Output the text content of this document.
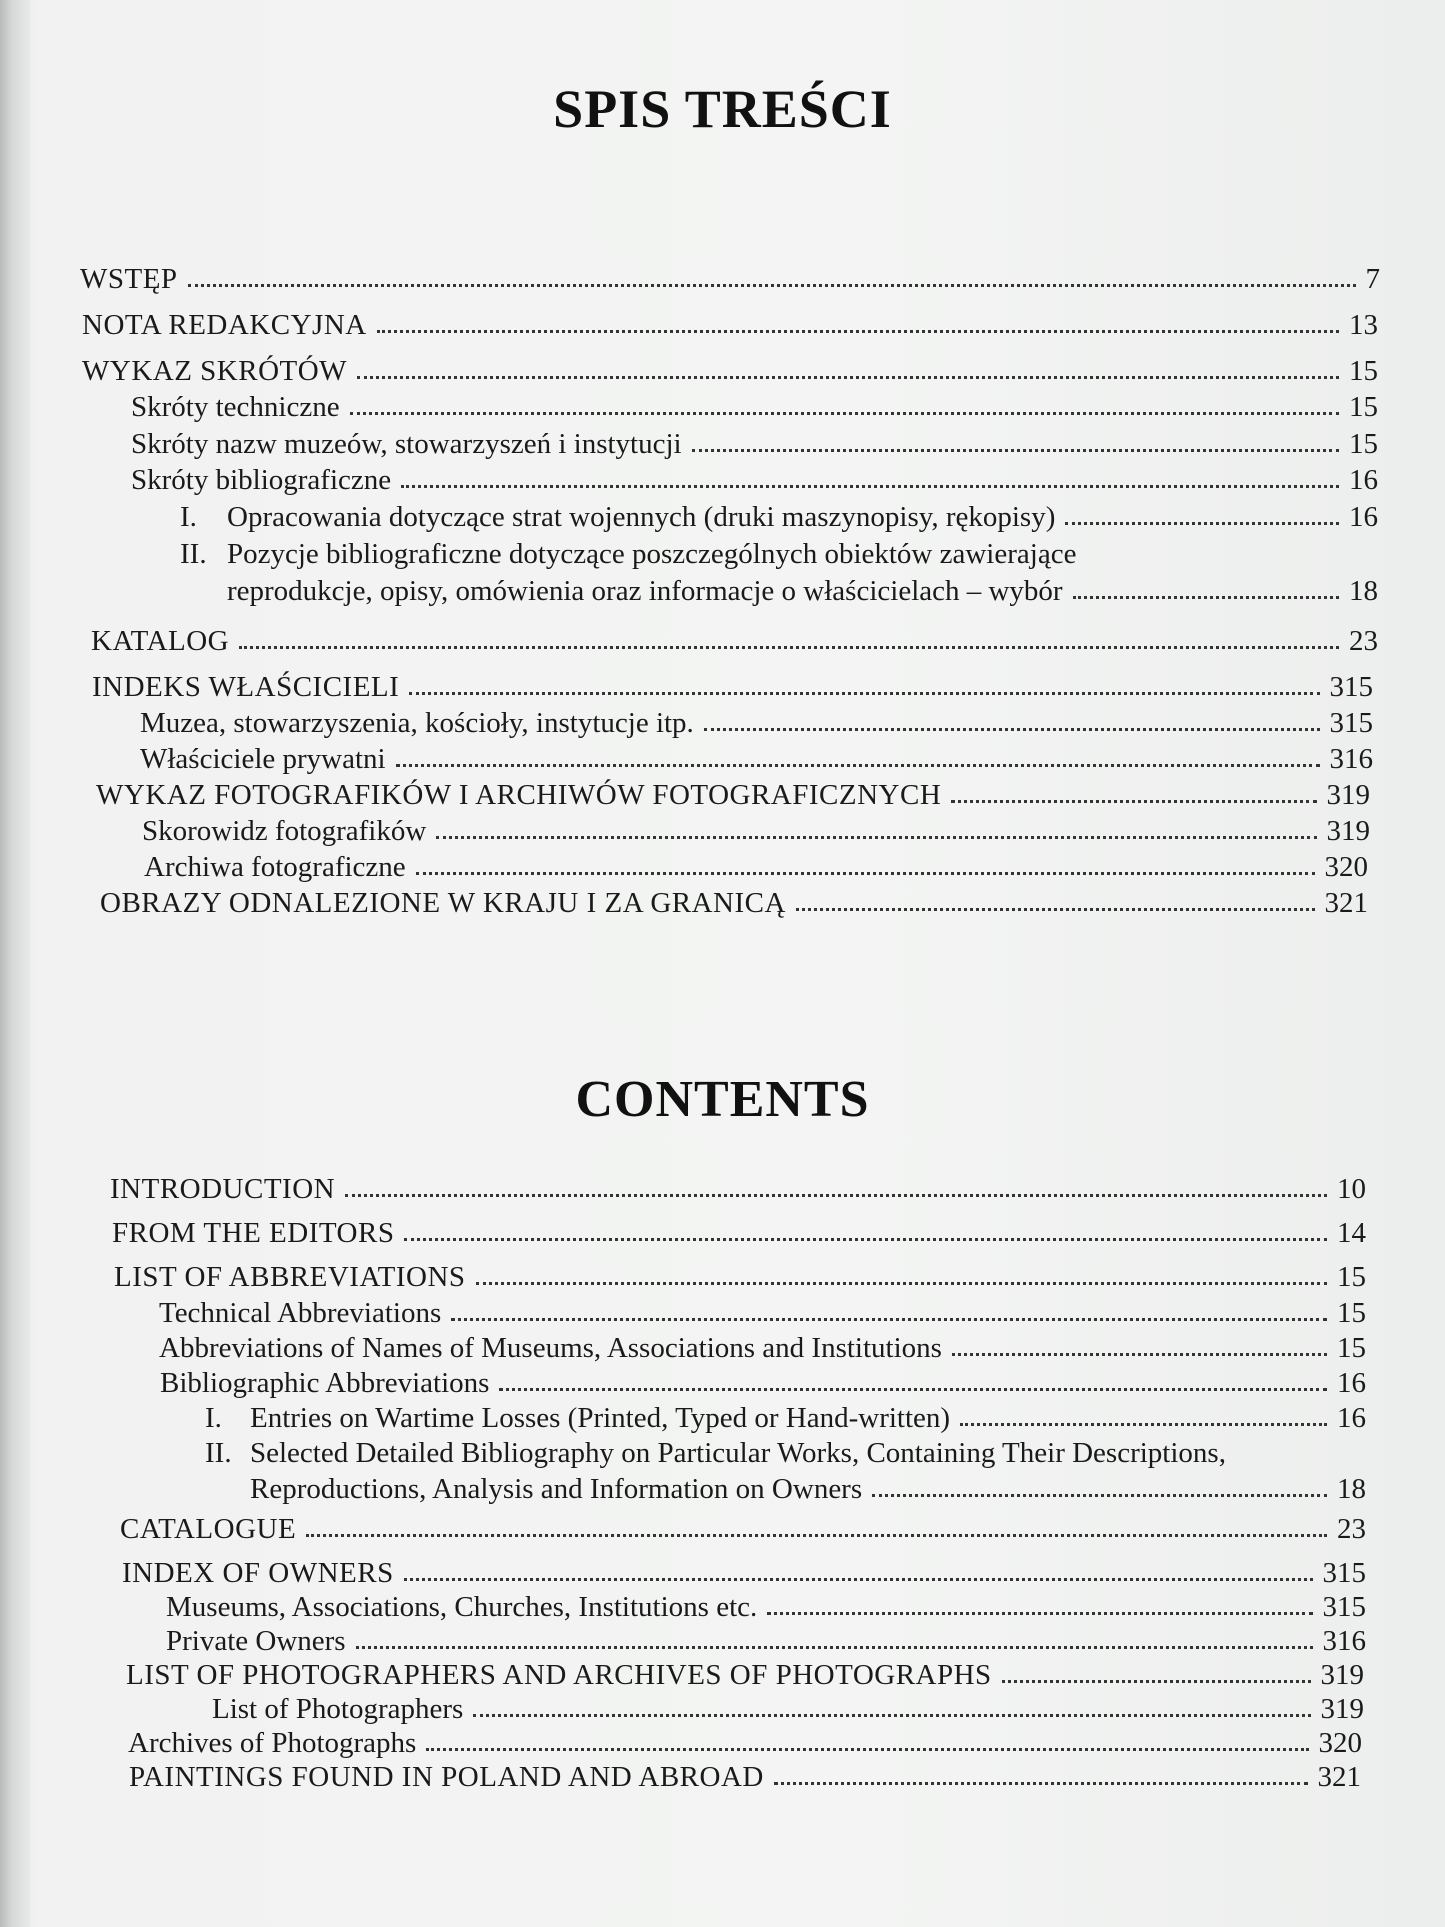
SPIS TREŚCI
WSTĘP	7
NOTA REDAKCYJNA	13
WYKAZ SKRÓTÓW	15
Skróty techniczne	15
Skróty nazw muzeów, stowarzyszeń i instytucji	15
Skróty bibliograficzne	16
I.	Opracowania dotyczące strat wojennych (druki maszynopisy, rękopisy)	16
II. Pozycje bibliograficzne dotyczące poszczególnych obiektów zawierające
reprodukcje, opisy, omówienia oraz informacje o właścicielach – wybór	18
KATALOG	23
INDEKS WŁAŚCICIELI	315
Muzea, stowarzyszenia, kościoły, instytucje itp.	315
Właściciele prywatni	316
WYKAZ FOTOGRAFIKÓW I ARCHIWÓW FOTOGRAFICZNYCH	319
Skorowidz fotografików	319
Archiwa fotograficzne	320
OBRAZY ODNALEZIONE W KRAJU I ZA GRANICĄ	321
CONTENTS
INTRODUCTION	10
FROM THE EDITORS	14
LIST OF ABBREVIATIONS	15
Technical Abbreviations	15
Abbreviations of Names of Museums, Associations and Institutions	15
Bibliographic Abbreviations	16
I. Entries on Wartime Losses (Printed, Typed or Hand-written)	16
II. Selected Detailed Bibliography on Particular Works, Containing Their Descriptions,
Reproductions, Analysis and Information on Owners	18
CATALOGUE	23
INDEX OF OWNERS	315
Museums, Associations, Churches, Institutions etc.	315
Private Owners	316
LIST OF PHOTOGRAPHERS AND ARCHIVES OF PHOTOGRAPHS	319
List of Photographers	319
Archives of Photographs	320
PAINTINGS FOUND IN POLAND AND ABROAD	321
